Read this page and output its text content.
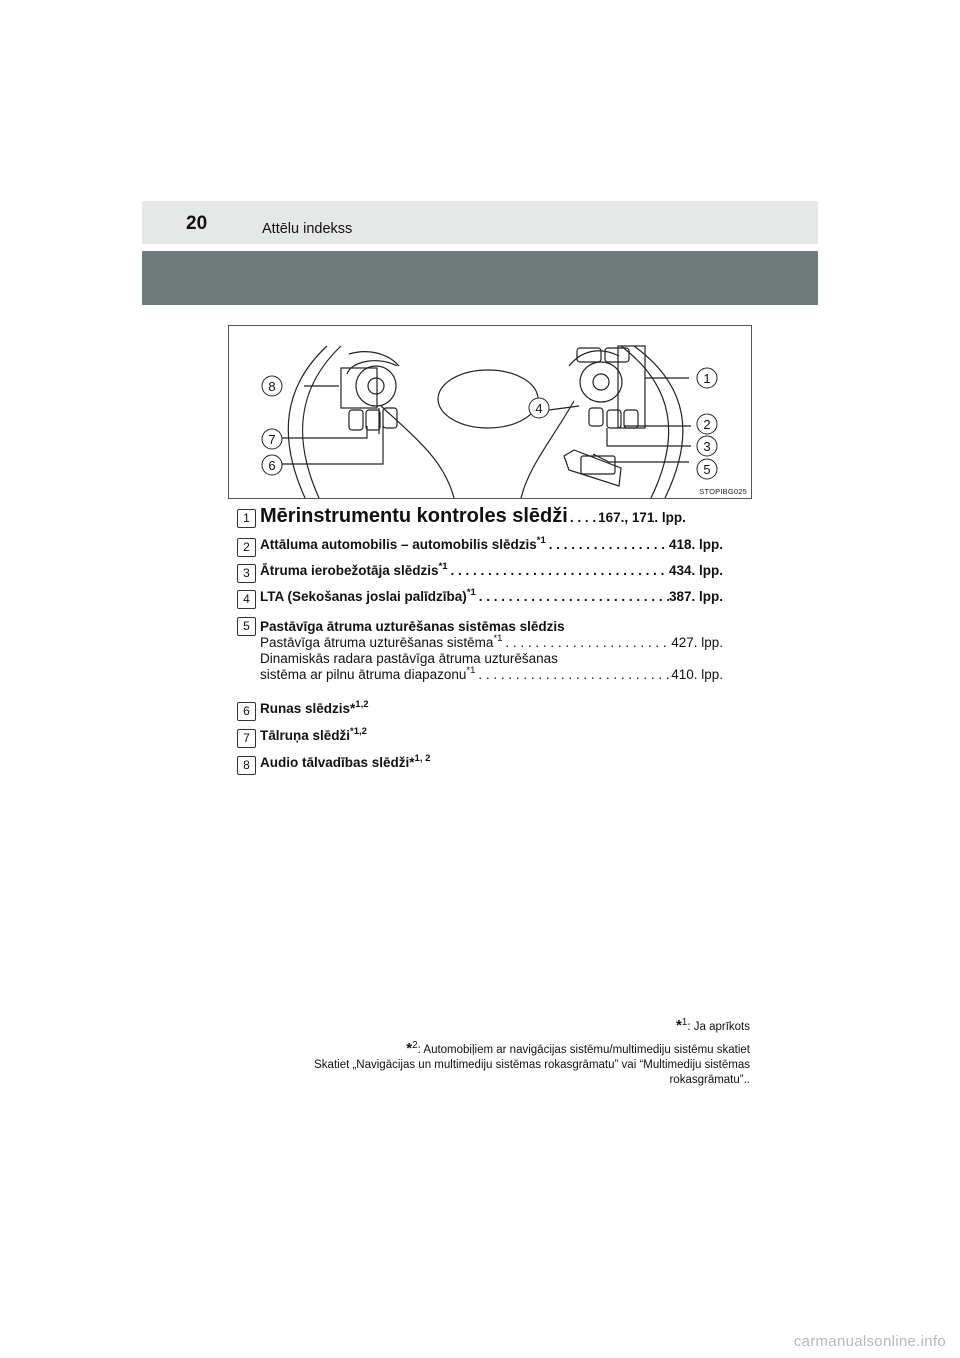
20	Attēlu indekss
8
7
6
4
1
2
3
5
STOPIBG025
1 Mērinstrumentu kontroles slēdži . . . . 167., 171. lpp.
2 Attāluma automobilis – automobilis slēdzis$^{*1}$ . . .	418. lpp.
3 Ātruma ierobežotāja slēdzis$^{*1}$ . . .	434. lpp.
4 LTA (Sekošanas joslai palīdzība)$^{*1}$ . . .	387. lpp.
5 Pastāvīga ātruma uzturēšanas sistēmas slēdzis
Pastāvīga ātruma uzturēšanas sistēma$^{*1}$ . . .	427. lpp.
Dinamiskās radara pastāvīga ātruma uzturēšanas
sistēma ar pilnu ātruma diapazonu$^{*1}$ . . .	410. lpp.
6 Runas slēdzis*$^{1,2}$
7 Tālruņa slēdži$^{*1,2}$
8 Audio tālvadības slēdži*$^{1, 2}$
*$^1$: Ja aprīkots
*$^2$: Automobiļiem ar navigācijas sistēmu/multimediju sistēmu skatiet
Skatiet „Navigācijas un multimediju sistēmas rokasgrāmatu” vai “Multimediju sistēmas
rokasgrāmatu”..
carmanualsonline.info
